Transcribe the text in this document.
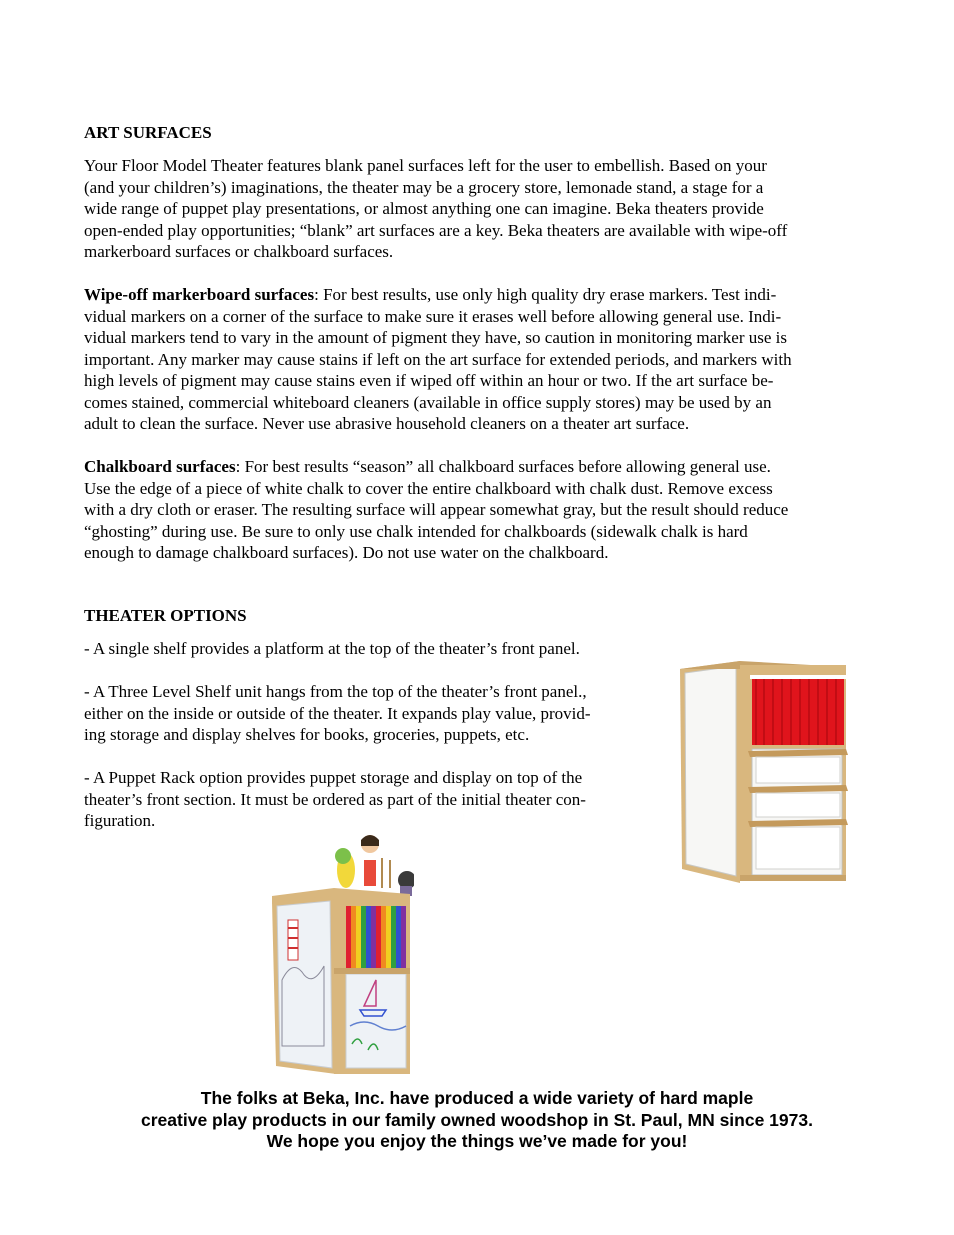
ART SURFACES

Your Floor Model Theater features blank panel surfaces left for the user to embellish. Based on your
(and your children’s) imaginations, the theater may be a grocery store, lemonade stand, a stage for a
wide range of puppet play presentations, or almost anything one can imagine. Beka theaters provide
open-ended play opportunities; “blank” art surfaces are a key. Beka theaters are available with wipe-off
markerboard surfaces or chalkboard surfaces.

Wipe-off markerboard surfaces: For best results, use only high quality dry erase markers. Test indi-
vidual markers on a corner of the surface to make sure it erases well before allowing general use. Indi-
vidual markers tend to vary in the amount of pigment they have, so caution in monitoring marker use is
important. Any marker may cause stains if left on the art surface for extended periods, and markers with
high levels of pigment may cause stains even if wiped off within an hour or two. If the art surface be-
comes stained, commercial whiteboard cleaners (available in office supply stores) may be used by an
adult to clean the surface. Never use abrasive household cleaners on a theater art surface.

Chalkboard surfaces: For best results “season” all chalkboard surfaces before allowing general use.
Use the edge of a piece of white chalk to cover the entire chalkboard with chalk dust. Remove excess
with a dry cloth or eraser. The resulting surface will appear somewhat gray, but the result should reduce
“ghosting” during use. Be sure to only use chalk intended for chalkboards (sidewalk chalk is hard
enough to damage chalkboard surfaces). Do not use water on the chalkboard.

THEATER OPTIONS

- A single shelf provides a platform at the top of the theater’s front panel.

- A Three Level Shelf unit hangs from the top of the theater’s front panel.,
either on the inside or outside of the theater. It expands play value, provid-
ing storage and display shelves for books, groceries, puppets, etc.

- A Puppet Rack option provides puppet storage and display on top of the
theater’s front section. It must be ordered as part of the initial theater con-
figuration.

The folks at Beka, Inc. have produced a wide variety of hard maple
creative play products in our family owned woodshop in St. Paul, MN since 1973.
We hope you enjoy the things we’ve made for you!
